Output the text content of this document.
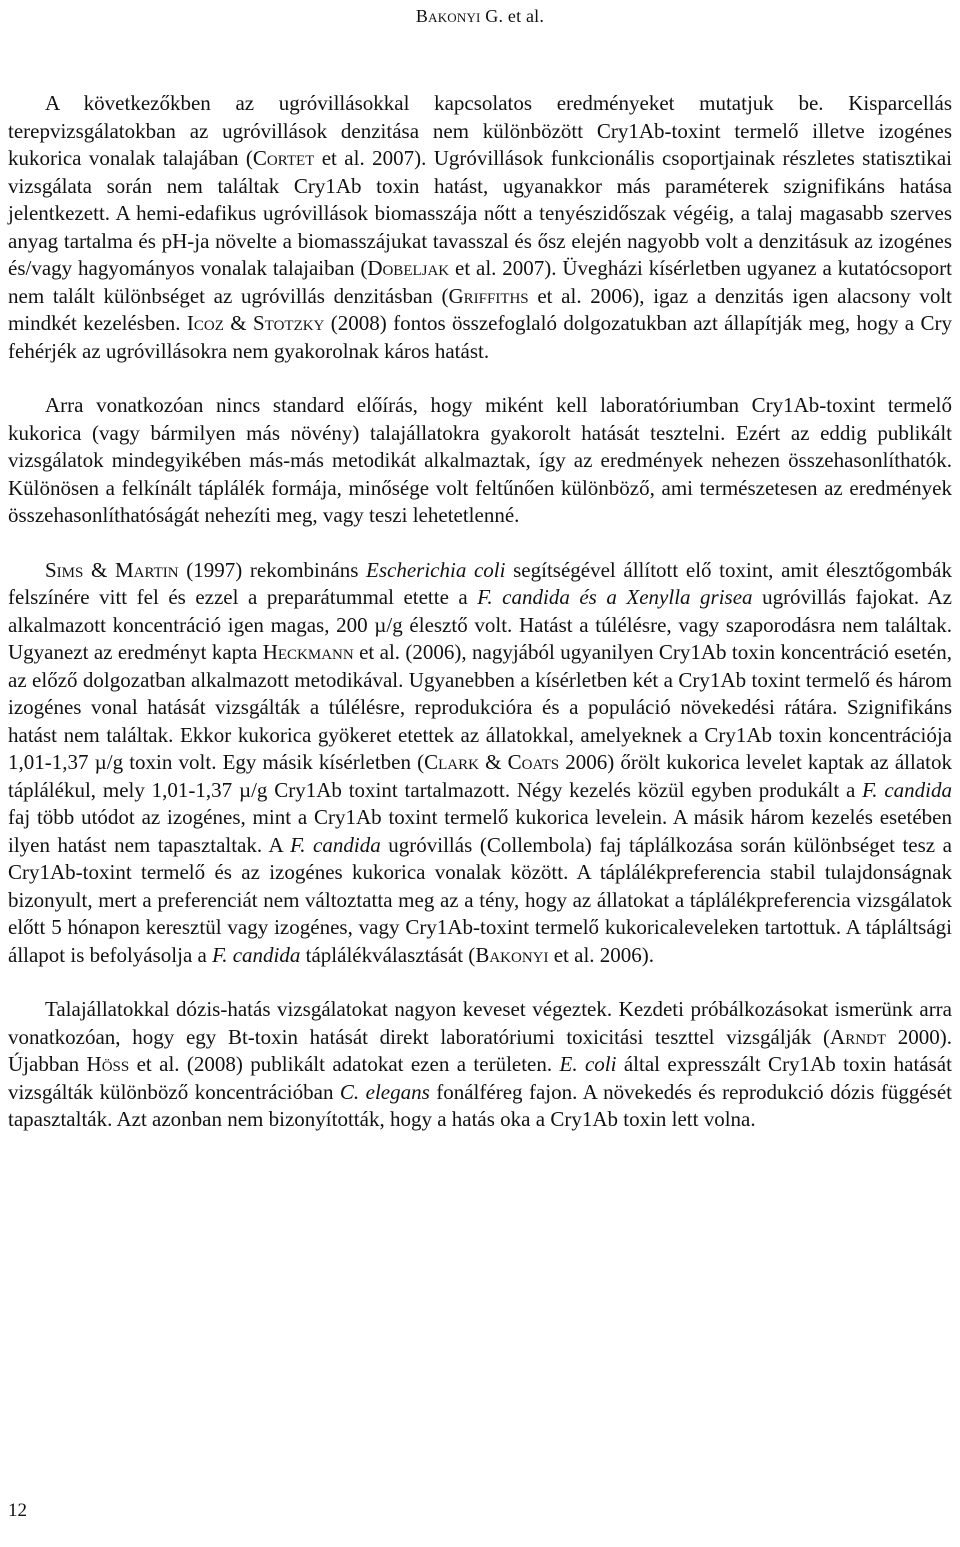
Bakonyi G. et al.

A következőkben az ugróvillásokkal kapcsolatos eredményeket mutatjuk be. Kisparcellás terepvizsgálatokban az ugróvillások denzitása nem különbözött Cry1Ab-toxint termelő illetve izogénes kukorica vonalak talajában (Cortet et al. 2007). Ugróvillások funkcionális csoportjainak részletes statisztikai vizsgálata során nem találtak Cry1Ab toxin hatást, ugyanakkor más paraméterek szignifikáns hatása jelentkezett. A hemi-edafikus ugróvillások biomasszája nőtt a tenyészidőszak végéig, a talaj magasabb szerves anyag tartalma és pH-ja növelte a biomasszájukat tavasszal és ősz elején nagyobb volt a denzitásuk az izogénes és/vagy hagyományos vonalak talajaiban (Dobeljak et al. 2007). Üvegházi kísérletben ugyanez a kutatócsoport nem talált különbséget az ugróvillás denzitásban (Griffiths et al. 2006), igaz a denzitás igen alacsony volt mindkét kezelésben. Icoz & Stotzky (2008) fontos összefoglaló dolgozatukban azt állapítják meg, hogy a Cry fehérjék az ugróvillásokra nem gyakorolnak káros hatást.

Arra vonatkozóan nincs standard előírás, hogy miként kell laboratóriumban Cry1Ab-toxint termelő kukorica (vagy bármilyen más növény) talajállatokra gyakorolt hatását tesztelni. Ezért az eddig publikált vizsgálatok mindegyikében más-más metodikát alkalmaztak, így az eredmények nehezen összehasonlíthatók. Különösen a felkínált táplálék formája, minősége volt feltűnően különböző, ami természetesen az eredmények összehasonlíthatóságát nehezíti meg, vagy teszi lehetetlenné.

Sims & Martin (1997) rekombináns Escherichia coli segítségével állított elő toxint, amit élesztőgombák felszínére vitt fel és ezzel a preparátummal etette a F. candida és a Xenylla grisea ugróvillás fajokat. Az alkalmazott koncentráció igen magas, 200 µ/g élesztő volt. Hatást a túlélésre, vagy szaporodásra nem találtak. Ugyanezt az eredményt kapta Heckmann et al. (2006), nagyjából ugyanilyen Cry1Ab toxin koncentráció esetén, az előző dolgozatban alkalmazott metodikával. Ugyanebben a kísérletben két a Cry1Ab toxint termelő és három izogénes vonal hatását vizsgálták a túlélésre, reprodukcióra és a populáció növekedési rátára. Szignifikáns hatást nem találtak. Ekkor kukorica gyökeret etettek az állatokkal, amelyeknek a Cry1Ab toxin koncentrációja 1,01-1,37 µ/g toxin volt. Egy másik kísérletben (Clark & Coats 2006) őrölt kukorica levelet kaptak az állatok táplálékul, mely 1,01-1,37 µ/g Cry1Ab toxint tartalmazott. Négy kezelés közül egyben produkált a F. candida faj több utódot az izogénes, mint a Cry1Ab toxint termelő kukorica levelein. A másik három kezelés esetében ilyen hatást nem tapasztaltak. A F. candida ugróvillás (Collembola) faj táplálkozása során különbséget tesz a Cry1Ab-toxint termelő és az izogénes kukorica vonalak között. A táplálékpreferencia stabil tulajdonságnak bizonyult, mert a preferenciát nem változtatta meg az a tény, hogy az állatokat a táplálékpreferencia vizsgálatok előtt 5 hónapon keresztül vagy izogénes, vagy Cry1Ab-toxint termelő kukoricaleveleken tartottuk. A tápláltsági állapot is befolyásolja a F. candida táplálékválasztását (Bakonyi et al. 2006).

Talajállatokkal dózis-hatás vizsgálatokat nagyon keveset végeztek. Kezdeti próbálkozásokat ismerünk arra vonatkozóan, hogy egy Bt-toxin hatását direkt laboratóriumi toxicitási teszttel vizsgálják (Arndt 2000). Újabban Höss et al. (2008) publikált adatokat ezen a területen. E. coli által expresszált Cry1Ab toxin hatását vizsgálták különböző koncentrációban C. elegans fonálféreg fajon. A növekedés és reprodukció dózis függését tapasztalták. Azt azonban nem bizonyították, hogy a hatás oka a Cry1Ab toxin lett volna.

12
